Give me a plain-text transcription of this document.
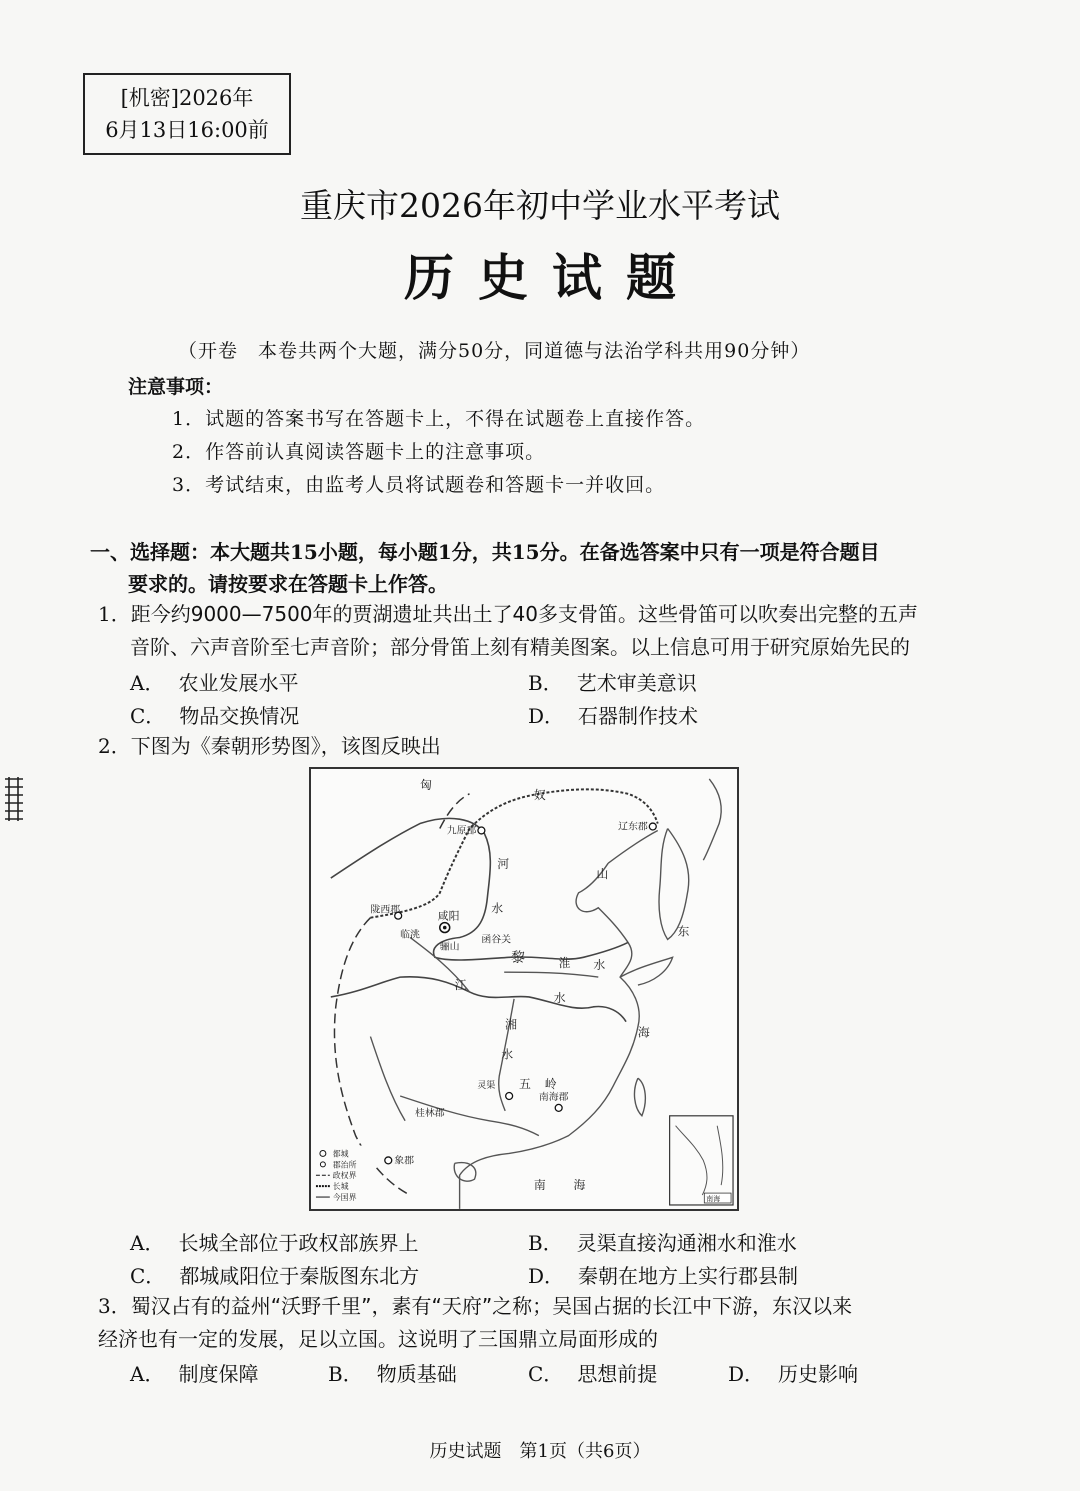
[机密]2026年
6月13日16:00前
重庆市2026年初中学业水平考试
历史试题
（开卷　本卷共两个大题，满分50分，同道德与法治学科共用90分钟）
注意事项：
1．试题的答案书写在答题卡上，不得在试题卷上直接作答。
2．作答前认真阅读答题卡上的注意事项。
3．考试结束，由监考人员将试题卷和答题卡一并收回。
一、选择题：本大题共15小题，每小题1分，共15分。在备选答案中只有一项是符合题目
要求的。请按要求在答题卡上作答。
1．距今约9000—7500年的贾湖遗址共出土了40多支骨笛。这些骨笛可以吹奏出完整的五声
音阶、六声音阶至七声音阶；部分骨笛上刻有精美图案。以上信息可用于研究原始先民的
A． 农业发展水平	B． 艺术审美意识
C． 物品交换情况	D． 石器制作技术
2．下图为《秦朝形势图》，该图反映出
匈
奴
九原郡	辽东郡
陇西郡	咸阳
临洮	函谷关
骊山
河
水
山
东
黎	淮 水
江
湘
水
水
海
灵渠 五 岭
桂林郡
南海郡
象郡
南 海
都城
郡治所
政权界
长城
今国界	南海
A． 长城全部位于政权部族界上	B． 灵渠直接沟通湘水和淮水
C． 都城咸阳位于秦版图东北方	D． 秦朝在地方上实行郡县制
3．蜀汉占有的益州“沃野千里”，素有“天府”之称；吴国占据的长江中下游，东汉以来
经济也有一定的发展，足以立国。这说明了三国鼎立局面形成的
A． 制度保障	B． 物质基础	C． 思想前提	D． 历史影响
历史试题　第1页（共6页）
